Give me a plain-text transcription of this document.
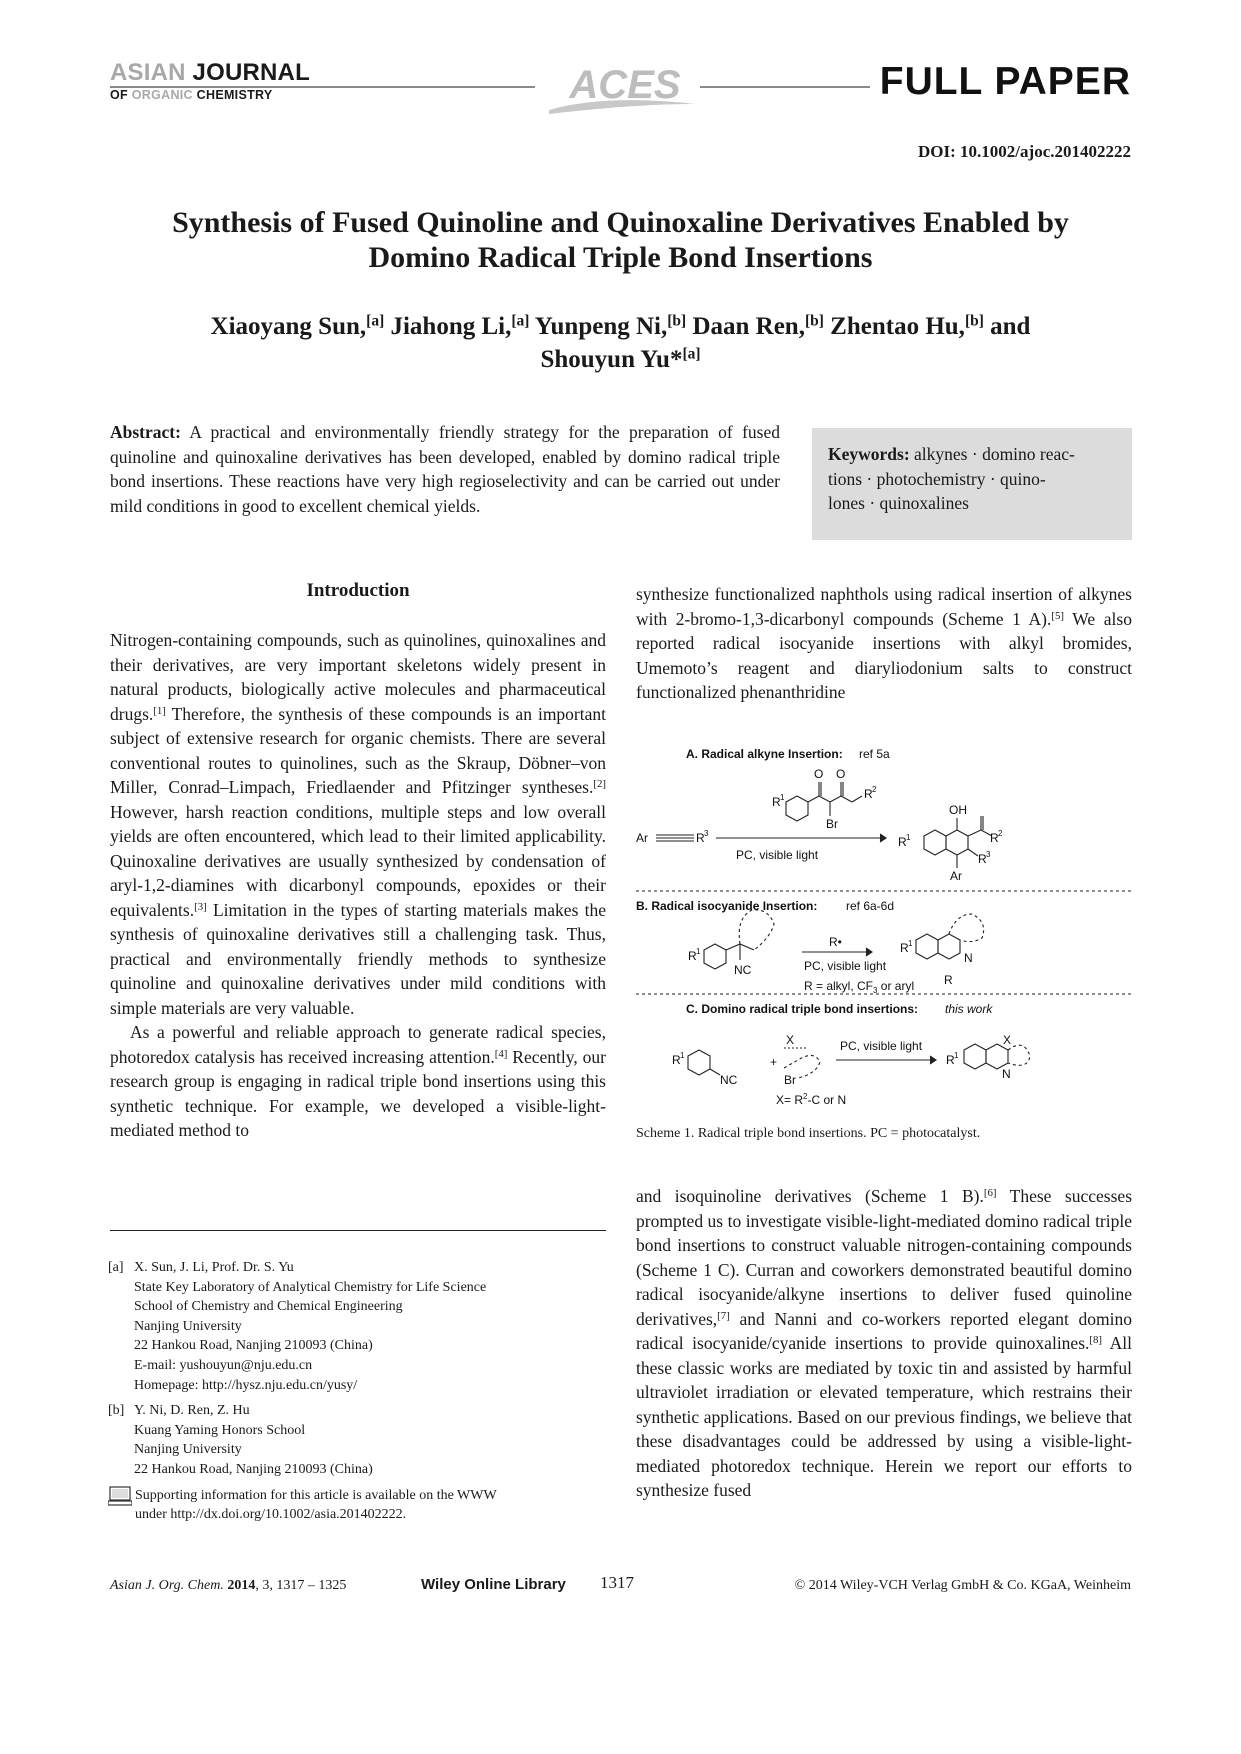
ASIAN JOURNAL
OF ORGANIC CHEMISTRY	ACES	FULL PAPER
DOI: 10.1002/ajoc.201402222
Synthesis of Fused Quinoline and Quinoxaline Derivatives Enabled by
Domino Radical Triple Bond Insertions
Xiaoyang Sun,[a] Jiahong Li,[a] Yunpeng Ni,[b] Daan Ren,[b] Zhentao Hu,[b] and
Shouyun Yu*[a]
Abstract: A practical and environmentally friendly strategy for the preparation of fused quinoline and quinoxaline derivatives has been developed, enabled by domino radical triple bond insertions. These reactions have very high regioselectivity and can be carried out under mild conditions in good to excellent chemical yields.
Keywords: alkynes · domino reac-
tions · photochemistry · quino-
lones · quinoxalines
Introduction

Nitrogen-containing compounds, such as quinolines, quinoxalines and their derivatives, are very important skeletons widely present in natural products, biologically active molecules and pharmaceutical drugs.[1] Therefore, the synthesis of these compounds is an important subject of extensive research for organic chemists. There are several conventional routes to quinolines, such as the Skraup, Döbner–von Miller, Conrad–Limpach, Friedlaender and Pfitzinger syntheses.[2] However, harsh reaction conditions, multiple steps and low overall yields are often encountered, which lead to their limited applicability. Quinoxaline derivatives are usually synthesized by condensation of aryl-1,2-diamines with dicarbonyl compounds, epoxides or their equivalents.[3] Limitation in the types of starting materials makes the synthesis of quinoxaline derivatives still a challenging task. Thus, practical and environmentally friendly methods to synthesize quinoline and quinoxaline derivatives under mild conditions with simple materials are very valuable.

As a powerful and reliable approach to generate radical species, photoredox catalysis has received increasing attention.[4] Recently, our research group is engaging in radical triple bond insertions using this synthetic technique. For example, we developed a visible-light-mediated method to

synthesize functionalized naphthols using radical insertion of alkynes with 2-bromo-1,3-dicarbonyl compounds (Scheme 1 A).[5] We also reported radical isocyanide insertions with alkyl bromides, Umemoto’s reagent and diaryliodonium salts to construct functionalized phenanthridine

A. Radical alkyne Insertion: ref 5a
O O
R 1
Br
R 2
Ar	R 3
PC, visible light
R 1
OH
R 2
R 3
Ar
B. Radical isocyanide Insertion: ref 6a-6d
R 1
NC
R•
PC, visible light
R 1
N
R
R = alkyl, $CF_3$ or aryl
C. Domino radical triple bond insertions: this work
R 1
NC
+
X
Br
PC, visible light
R 1
X
N
$X= R^2-C$ or N
Scheme 1. Radical triple bond insertions. PC = photocatalyst.

and isoquinoline derivatives (Scheme 1 B).[6] These successes prompted us to investigate visible-light-mediated domino radical triple bond insertions to construct valuable nitrogen-containing compounds (Scheme 1 C). Curran and coworkers demonstrated beautiful domino radical isocyanide/alkyne insertions to deliver fused quinoline derivatives,[7] and Nanni and co-workers reported elegant domino radical isocyanide/cyanide insertions to provide quinoxalines.[8] All these classic works are mediated by toxic tin and assisted by harmful ultraviolet irradiation or elevated temperature, which restrains their synthetic applications. Based on our previous findings, we believe that these disadvantages could be addressed by using a visible-light-mediated photoredox technique. Herein we report our efforts to synthesize fused

[a] X. Sun, J. Li, Prof. Dr. S. Yu
State Key Laboratory of Analytical Chemistry for Life Science
School of Chemistry and Chemical Engineering
Nanjing University
22 Hankou Road, Nanjing 210093 (China)
E-mail: yushouyun@nju.edu.cn
Homepage: http://hysz.nju.edu.cn/yusy/
[b] Y. Ni, D. Ren, Z. Hu
Kuang Yaming Honors School
Nanjing University
22 Hankou Road, Nanjing 210093 (China)
Supporting information for this article is available on the WWW
under http://dx.doi.org/10.1002/asia.201402222.
Asian J. Org. Chem. 2014, 3, 1317 – 1325	Wiley Online Library 1317	© 2014 Wiley-VCH Verlag GmbH & Co. KGaA, Weinheim
